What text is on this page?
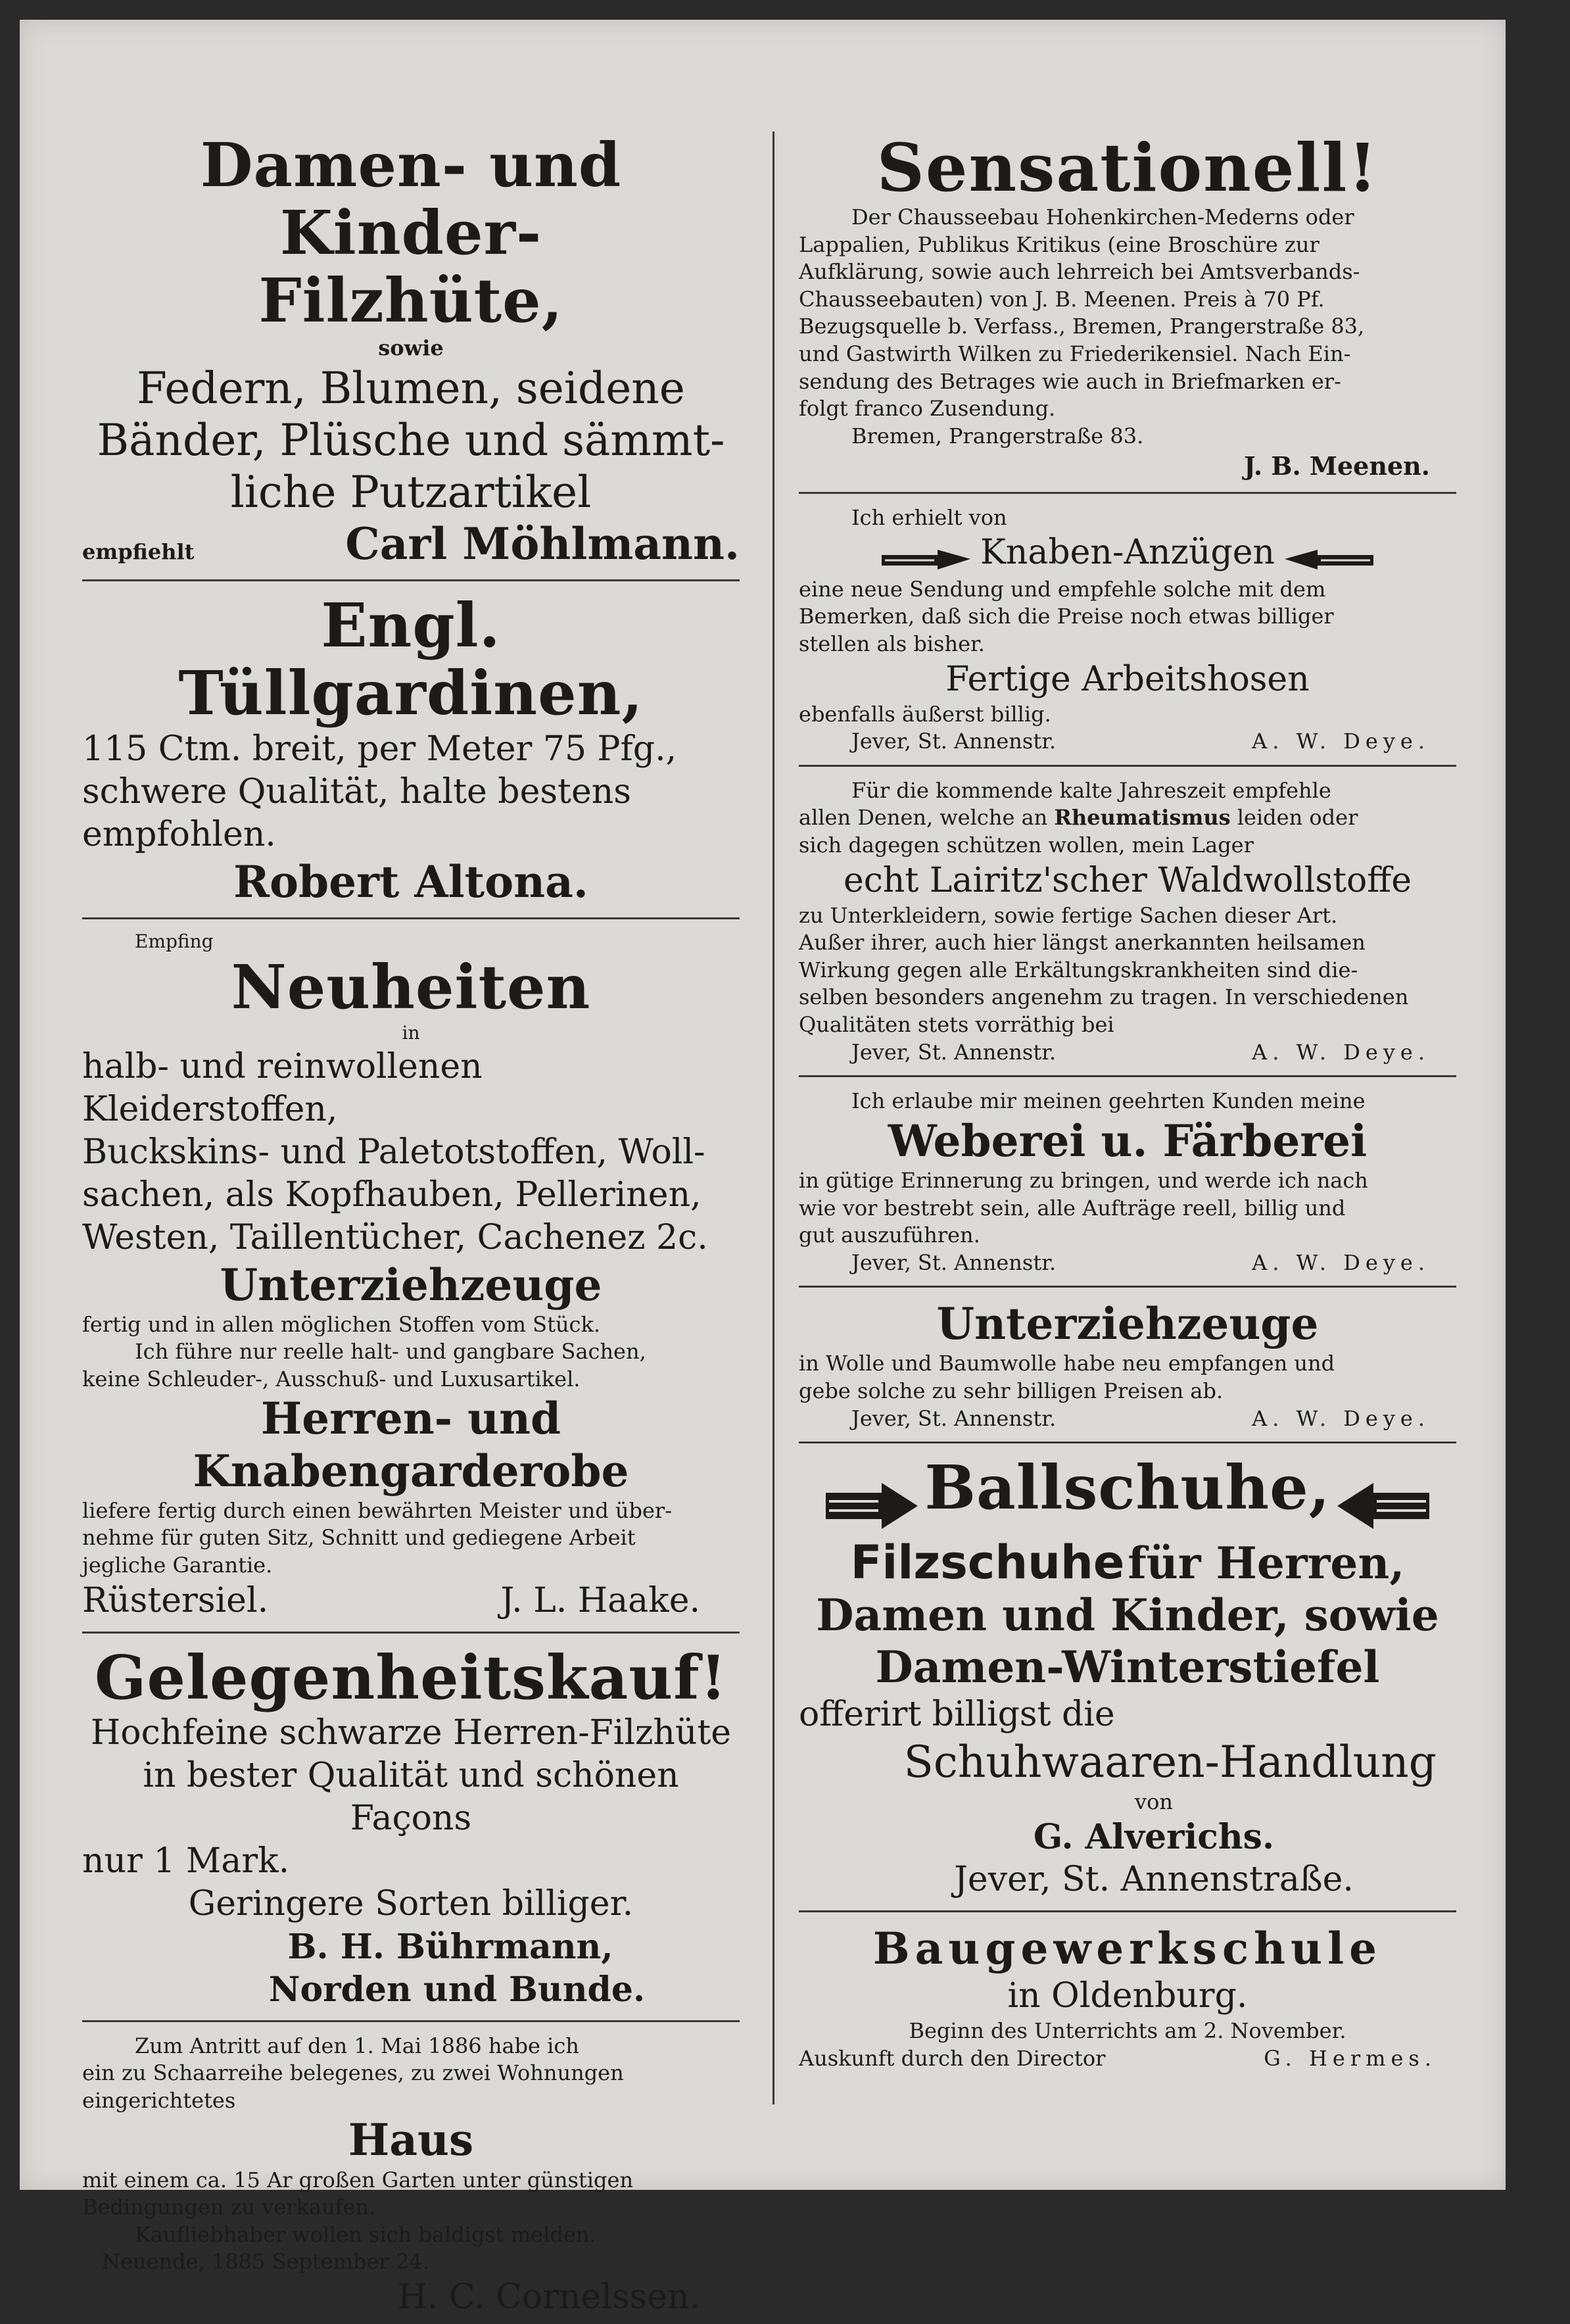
Damen- und Kinder-
Filzhüte,
sowie
Federn, Blumen, seidene
Bänder, Plüsche und sämmt-
liche Putzartikel
empfiehlt	Carl Möhlmann.
Engl. Tüllgardinen,
115 Ctm. breit, per Meter 75 Pfg.,
schwere Qualität, halte bestens empfohlen.
Robert Altona.
Empfing
Neuheiten
in
halb- und reinwollenen Kleiderstoffen,
Buckskins- und Paletotstoffen, Woll-
sachen, als Kopfhauben, Pellerinen,
Westen, Taillentücher, Cachenez 2c.
Unterziehzeuge
fertig und in allen möglichen Stoffen vom Stück.
Ich führe nur reelle halt- und gangbare Sachen,
keine Schleuder-, Ausschuß- und Luxusartikel.
Herren- und Knabengarderobe
liefere fertig durch einen bewährten Meister und über-
nehme für guten Sitz, Schnitt und gediegene Arbeit
jegliche Garantie.
Rüstersiel.	J. L. Haake.
Gelegenheitskauf!
Hochfeine schwarze Herren-Filzhüte
in bester Qualität und schönen Façons
nur 1 Mark.
Geringere Sorten billiger.
B. H. Bührmann,
Norden und Bunde.
Zum Antritt auf den 1. Mai 1886 habe ich
ein zu Schaarreihe belegenes, zu zwei Wohnungen
eingerichtetes
Haus
mit einem ca. 15 Ar großen Garten unter günstigen
Bedingungen zu verkaufen.
Kaufliebhaber wollen sich baldigst melden.
Neuende, 1885 September 24.
H. C. Cornelssen.
Sensationell!
Der Chausseebau Hohenkirchen-Mederns oder
Lappalien, Publikus Kritikus (eine Broschüre zur
Aufklärung, sowie auch lehrreich bei Amtsverbands-
Chausseebauten) von J. B. Meenen. Preis à 70 Pf.
Bezugsquelle b. Verfass., Bremen, Prangerstraße 83,
und Gastwirth Wilken zu Friederikensiel. Nach Ein-
sendung des Betrages wie auch in Briefmarken er-
folgt franco Zusendung.
Bremen, Prangerstraße 83.
J. B. Meenen.
Ich erhielt von
Knaben-Anzügen
eine neue Sendung und empfehle solche mit dem
Bemerken, daß sich die Preise noch etwas billiger
stellen als bisher.
Fertige Arbeitshosen
ebenfalls äußerst billig.
Jever, St. Annenstr.	A. W. Deye.
Für die kommende kalte Jahreszeit empfehle
allen Denen, welche an Rheumatismus leiden oder
sich dagegen schützen wollen, mein Lager
echt Lairitz'scher Waldwollstoffe
zu Unterkleidern, sowie fertige Sachen dieser Art.
Außer ihrer, auch hier längst anerkannten heilsamen
Wirkung gegen alle Erkältungskrankheiten sind die-
selben besonders angenehm zu tragen. In verschiedenen
Qualitäten stets vorräthig bei
Jever, St. Annenstr.	A. W. Deye.
Ich erlaube mir meinen geehrten Kunden meine
Weberei u. Färberei
in gütige Erinnerung zu bringen, und werde ich nach
wie vor bestrebt sein, alle Aufträge reell, billig und
gut auszuführen.
Jever, St. Annenstr.	A. W. Deye.
Unterziehzeuge
in Wolle und Baumwolle habe neu empfangen und
gebe solche zu sehr billigen Preisen ab.
Jever, St. Annenstr.	A. W. Deye.
Ballschuhe,
Filzschuhe für Herren,
Damen und Kinder, sowie
Damen-Winterstiefel
offerirt billigst die
Schuhwaaren-Handlung
von
G. Alverichs.
Jever, St. Annenstraße.
Baugewerkschule
in Oldenburg.
Beginn des Unterrichts am 2. November.
Auskunft durch den Director	G. Hermes.
